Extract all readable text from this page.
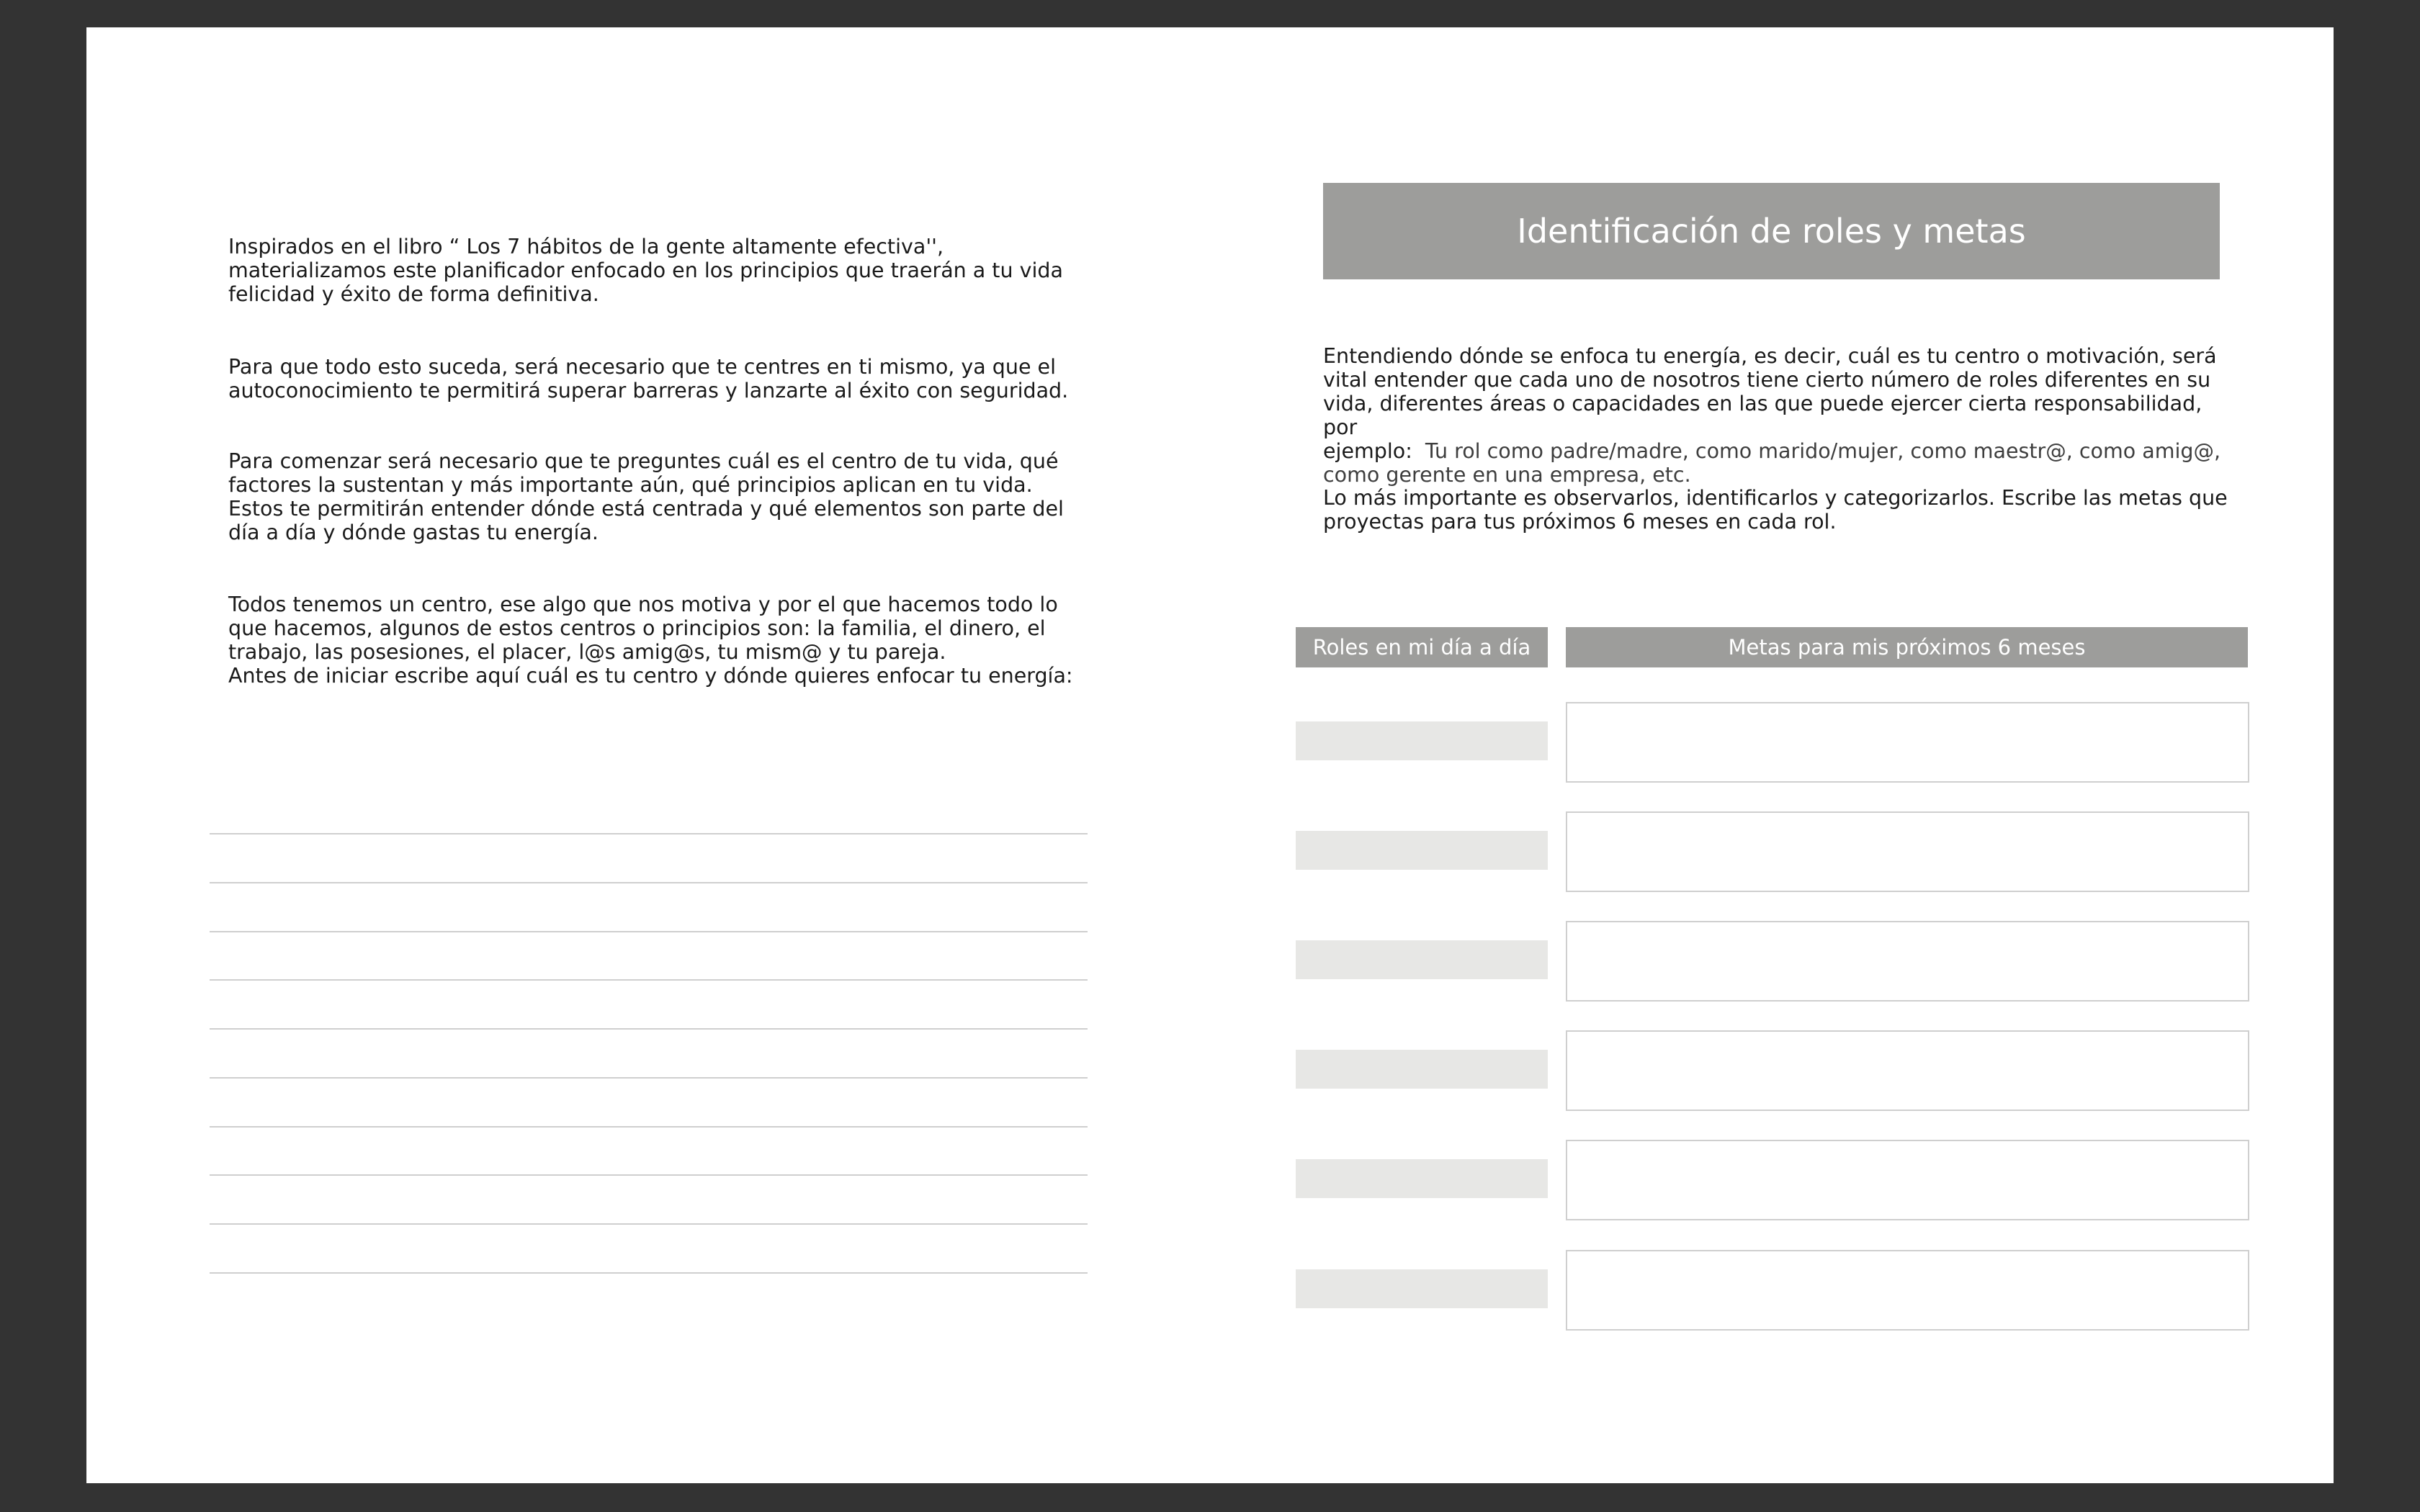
Inspirados en el libro “ Los 7 hábitos de la gente altamente efectiva'',

materializamos este planificador enfocado en los principios que traerán a tu vida

felicidad y éxito de forma definitiva.

Para que todo esto suceda, será necesario que te centres en ti mismo, ya que el

autoconocimiento te permitirá superar barreras y lanzarte al éxito con seguridad.

Para comenzar será necesario que te preguntes cuál es el centro de tu vida, qué

factores la sustentan y más importante aún, qué principios aplican en tu vida.

Estos te permitirán entender dónde está centrada y qué elementos son parte del

día a día y dónde gastas tu energía.

Todos tenemos un centro, ese algo que nos motiva y por el que hacemos todo lo

que hacemos, algunos de estos centros o principios son: la familia, el dinero, el

trabajo, las posesiones, el placer, l@s amig@s, tu mism@ y tu pareja.

Antes de iniciar escribe aquí cuál es tu centro y dónde quieres enfocar tu energía:

Identificación de roles y metas

Entendiendo dónde se enfoca tu energía, es decir, cuál es tu centro o motivación, será

vital entender que cada uno de nosotros tiene cierto número de roles diferentes en su

vida, diferentes áreas o capacidades en las que puede ejercer cierta responsabilidad, por

ejemplo:  Tu rol como padre/madre, como marido/mujer, como maestr@, como amig@,

como gerente en una empresa, etc.

Lo más importante es observarlos, identificarlos y categorizarlos. Escribe las metas que

proyectas para tus próximos 6 meses en cada rol.

Roles en mi día a día	Metas para mis próximos 6 meses
